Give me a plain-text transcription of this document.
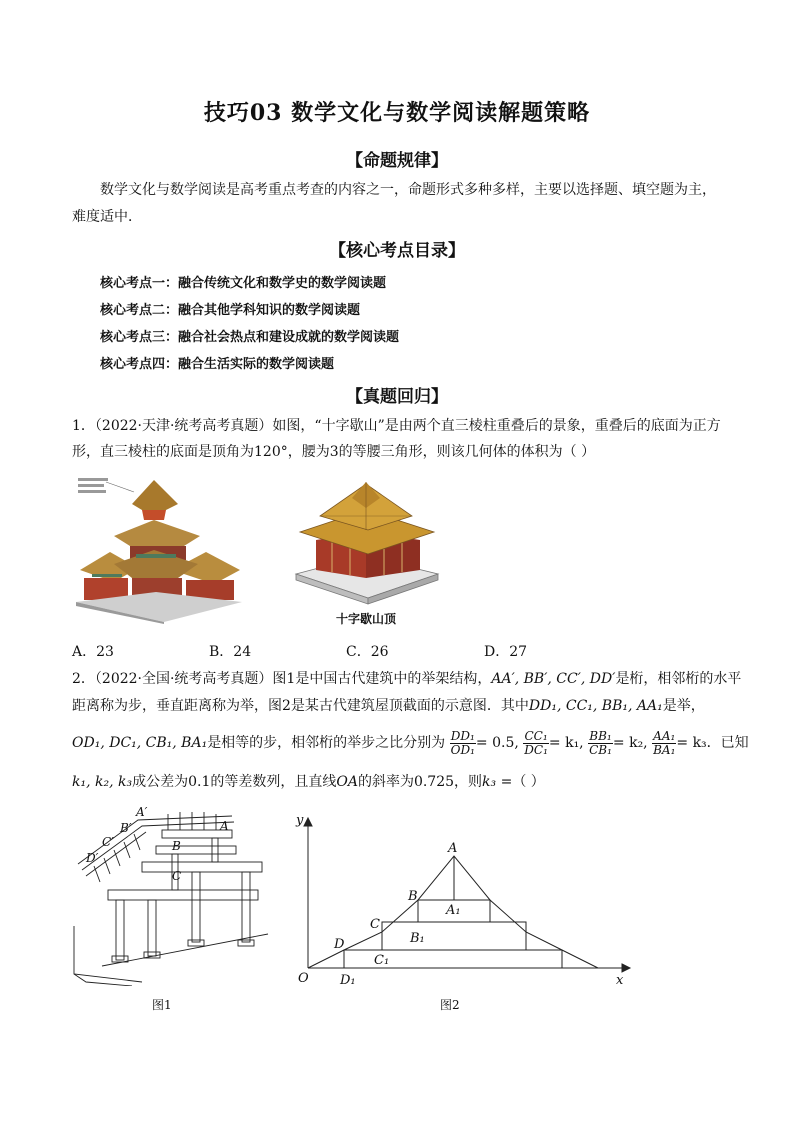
技巧03 数学文化与数学阅读解题策略
【命题规律】
数学文化与数学阅读是高考重点考查的内容之一，命题形式多种多样，主要以选择题、填空题为主，
难度适中．
【核心考点目录】
核心考点一：融合传统文化和数学史的数学阅读题
核心考点二：融合其他学科知识的数学阅读题
核心考点三：融合社会热点和建设成就的数学阅读题
核心考点四：融合生活实际的数学阅读题
【真题回归】
1．（2022·天津·统考高考真题）如图，“十字歇山”是由两个直三棱柱重叠后的景象，重叠后的底面为正方
形，直三棱柱的底面是顶角为120°，腰为3的等腰三角形，则该几何体的体积为（ ）
十字歇山顶
A．23	B．24	C．26	D．27
2．（2022·全国·统考高考真题）图1是中国古代建筑中的举架结构，AA′, BB′, CC′, DD′是桁，相邻桁的水平
距离称为步，垂直距离称为举，图2是某古代建筑屋顶截面的示意图．其中DD₁, CC₁, BB₁, AA₁是举，
OD₁, DC₁, CB₁, BA₁是相等的步，相邻桁的举步之比分别为 $\frac{\text{DD₁}}{\text{OD₁}} = 0.5$, $\frac{\text{CC₁}}{\text{DC₁}} = k_1$, $\frac{\text{BB₁}}{\text{CB₁}} = k_2$, $\frac{\text{AA₁}}{\text{BA₁}} = k_3$．已知
k₁, k₂, k₃成公差为0.1的等差数列，且直线OA的斜率为0.725，则k₃ =（ ）
A′
B′
C′
D′
A
B
C
图1
y
x
O
A
B
C
D
A₁
B₁
C₁
D₁
图2
